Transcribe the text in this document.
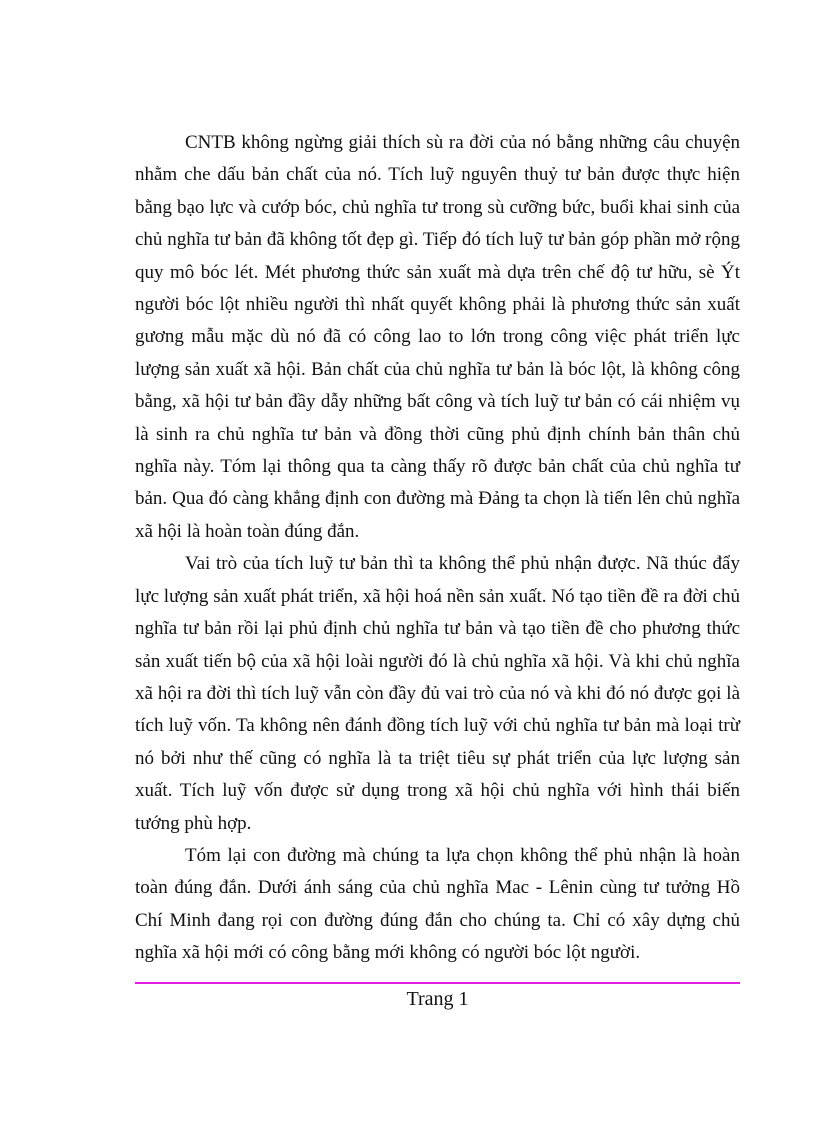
CNTB không ngừng giải thích sù ra đời của nó bằng những câu chuyện nhằm che dấu bản chất của nó. Tích luỹ nguyên thuỷ tư bản được thực hiện bằng bạo lực và cướp bóc, chủ nghĩa tư trong sù cưỡng bức, buổi khai sinh của chủ nghĩa tư bản đã không tốt đẹp gì. Tiếp đó tích luỹ tư bản góp phần mở rộng quy mô bóc lét. Mét phương thức sản xuất mà dựa trên chế độ tư hữu, sè Ýt người bóc lột nhiều người thì nhất quyết không phải là phương thức sản xuất gương mẫu mặc dù nó đã có công lao to lớn trong công việc phát triển lực lượng sản xuất xã hội. Bản chất của chủ nghĩa tư bản là bóc lột, là không công bằng, xã hội tư bản đầy dẫy những bất công và tích luỹ tư bản có cái nhiệm vụ là sinh ra chủ nghĩa tư bản và đồng thời cũng phủ định chính bản thân chủ nghĩa này. Tóm lại thông qua ta càng thấy rõ được bản chất của chủ nghĩa tư bản. Qua đó càng khẳng định con đường mà Đảng ta chọn là tiến lên chủ nghĩa xã hội là hoàn toàn đúng đắn.

Vai trò của tích luỹ tư bản thì ta không thể phủ nhận được. Nã thúc đẩy lực lượng sản xuất phát triển, xã hội hoá nền sản xuất. Nó tạo tiền đề ra đời chủ nghĩa tư bản rồi lại phủ định chủ nghĩa tư bản và tạo tiền đề cho phương thức sản xuất tiến bộ của xã hội loài người đó là chủ nghĩa xã hội. Và khi chủ nghĩa xã hội ra đời thì tích luỹ vẫn còn đầy đủ vai trò của nó và khi đó nó được gọi là tích luỹ vốn. Ta không nên đánh đồng tích luỹ với chủ nghĩa tư bản mà loại trừ nó bởi như thế cũng có nghĩa là ta triệt tiêu sự phát triển của lực lượng sản xuất. Tích luỹ vốn được sử dụng trong xã hội chủ nghĩa với hình thái biến tướng phù hợp.

Tóm lại con đường mà chúng ta lựa chọn không thể phủ nhận là hoàn toàn đúng đắn. Dưới ánh sáng của chủ nghĩa Mac - Lênin cùng tư tưởng Hồ Chí Minh đang rọi con đường đúng đắn cho chúng ta. Chỉ có xây dựng chủ nghĩa xã hội mới có công bằng mới không có người bóc lột người.

Trang 1
